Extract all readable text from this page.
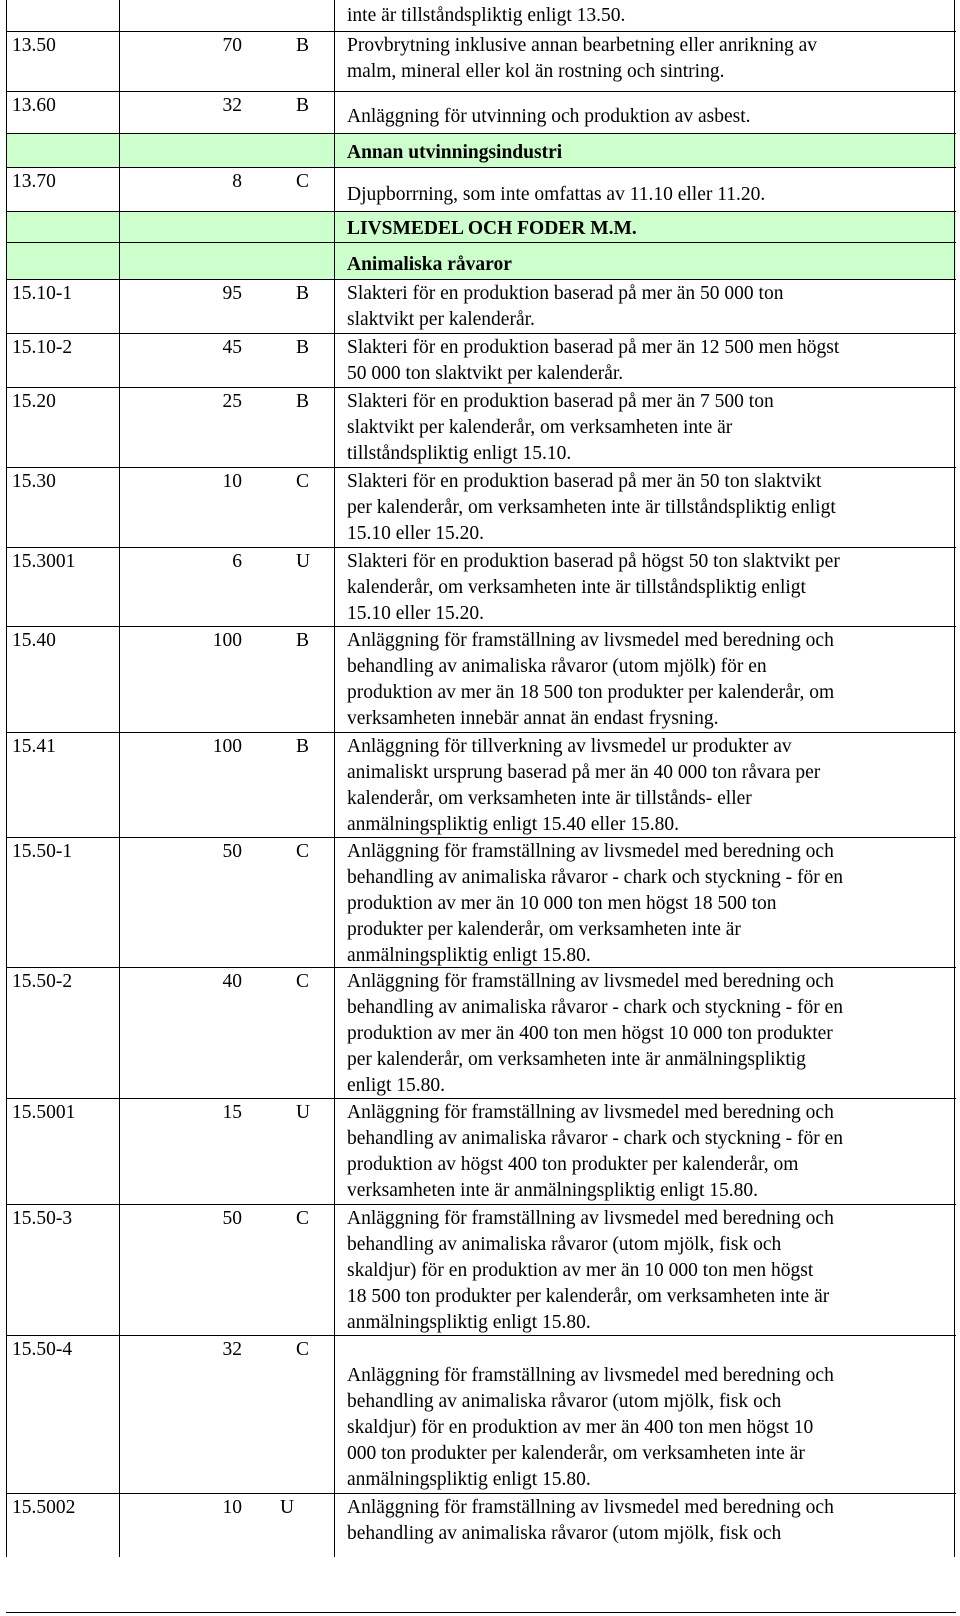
inte är tillståndspliktig enligt 13.50.
13.50	70	B Provbrytning inklusive annan bearbetning eller anrikning av
malm, mineral eller kol än rostning och sintring.
13.60	32	B
Anläggning för utvinning och produktion av asbest.
Annan utvinningsindustri
13.70	8	C
Djupborrning, som inte omfattas av 11.10 eller 11.20.
LIVSMEDEL OCH FODER M.M.
Animaliska råvaror
15.10-1	95	B Slakteri för en produktion baserad på mer än 50 000 ton
slaktvikt per kalenderår.
15.10-2	45	B Slakteri för en produktion baserad på mer än 12 500 men högst
50 000 ton slaktvikt per kalenderår.
15.20	25	B Slakteri för en produktion baserad på mer än 7 500 ton
slaktvikt per kalenderår, om verksamheten inte är
tillståndspliktig enligt 15.10.
15.30	10	C Slakteri för en produktion baserad på mer än 50 ton slaktvikt
per kalenderår, om verksamheten inte är tillståndspliktig enligt
15.10 eller 15.20.
15.3001	6	U Slakteri för en produktion baserad på högst 50 ton slaktvikt per
kalenderår, om verksamheten inte är tillståndspliktig enligt
15.10 eller 15.20.
15.40	100	B Anläggning för framställning av livsmedel med beredning och
behandling av animaliska råvaror (utom mjölk) för en
produktion av mer än 18 500 ton produkter per kalenderår, om
verksamheten innebär annat än endast frysning.
15.41	100	B Anläggning för tillverkning av livsmedel ur produkter av
animaliskt ursprung baserad på mer än 40 000 ton råvara per
kalenderår, om verksamheten inte är tillstånds- eller
anmälningspliktig enligt 15.40 eller 15.80.
15.50-1	50	C Anläggning för framställning av livsmedel med beredning och
behandling av animaliska råvaror - chark och styckning - för en
produktion av mer än 10 000 ton men högst 18 500 ton
produkter per kalenderår, om verksamheten inte är
anmälningspliktig enligt 15.80.
15.50-2	40	C Anläggning för framställning av livsmedel med beredning och
behandling av animaliska råvaror - chark och styckning - för en
produktion av mer än 400 ton men högst 10 000 ton produkter
per kalenderår, om verksamheten inte är anmälningspliktig
enligt 15.80.
15.5001	15	U Anläggning för framställning av livsmedel med beredning och
behandling av animaliska råvaror - chark och styckning - för en
produktion av högst 400 ton produkter per kalenderår, om
verksamheten inte är anmälningspliktig enligt 15.80.
15.50-3	50	C Anläggning för framställning av livsmedel med beredning och
behandling av animaliska råvaror (utom mjölk, fisk och
skaldjur) för en produktion av mer än 10 000 ton men högst
18 500 ton produkter per kalenderår, om verksamheten inte är
anmälningspliktig enligt 15.80.
15.50-4	32	C
Anläggning för framställning av livsmedel med beredning och
behandling av animaliska råvaror (utom mjölk, fisk och
skaldjur) för en produktion av mer än 400 ton men högst 10
000 ton produkter per kalenderår, om verksamheten inte är
anmälningspliktig enligt 15.80.
15.5002	10 U	Anläggning för framställning av livsmedel med beredning och
behandling av animaliska råvaror (utom mjölk, fisk och
